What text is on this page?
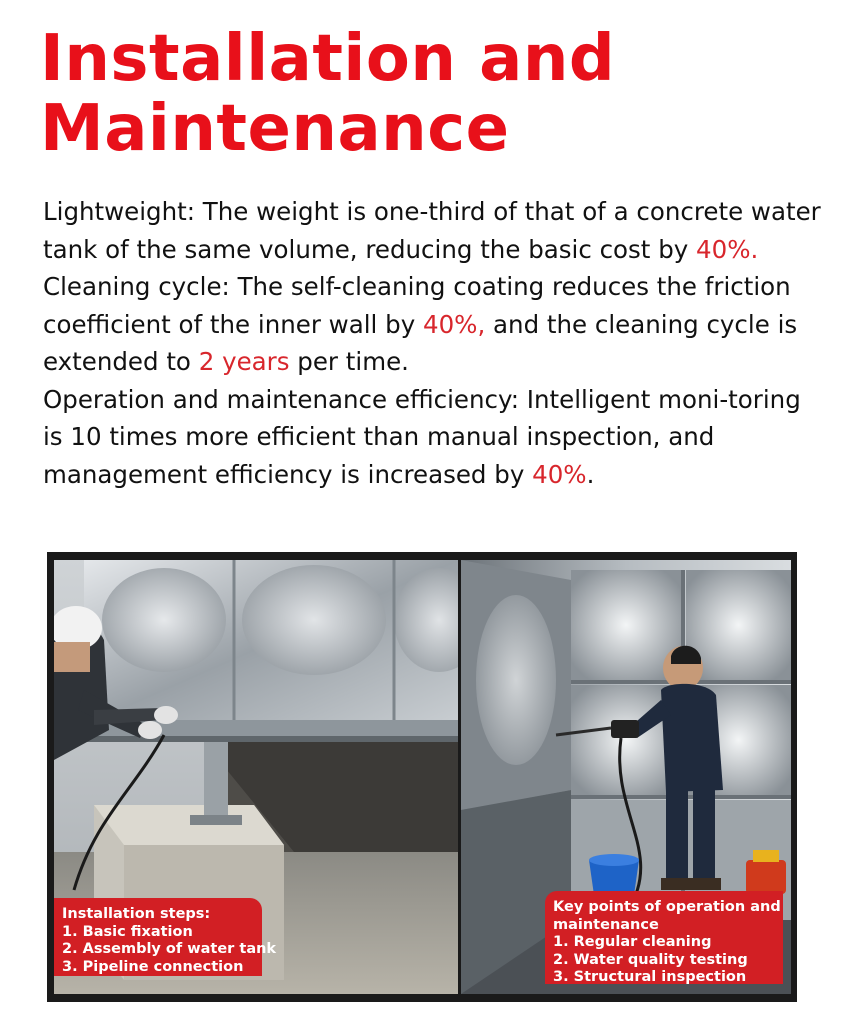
Installation and
Maintenance

Lightweight: The weight is one-third of that of a concrete water tank of the same volume, reducing the basic cost by 40%.

Cleaning cycle: The self-cleaning coating reduces the friction coefficient of the inner wall by 40%, and the cleaning cycle is extended to 2 years per time.

Operation and maintenance efficiency: Intelligent moni-toring is 10 times more efficient than manual inspection, and management efficiency is increased by 40%.

Installation steps:
1. Basic fixation
2. Assembly of water tank
3. Pipeline connection
Key points of operation and
maintenance
1. Regular cleaning
2. Water quality testing
3. Structural inspection
